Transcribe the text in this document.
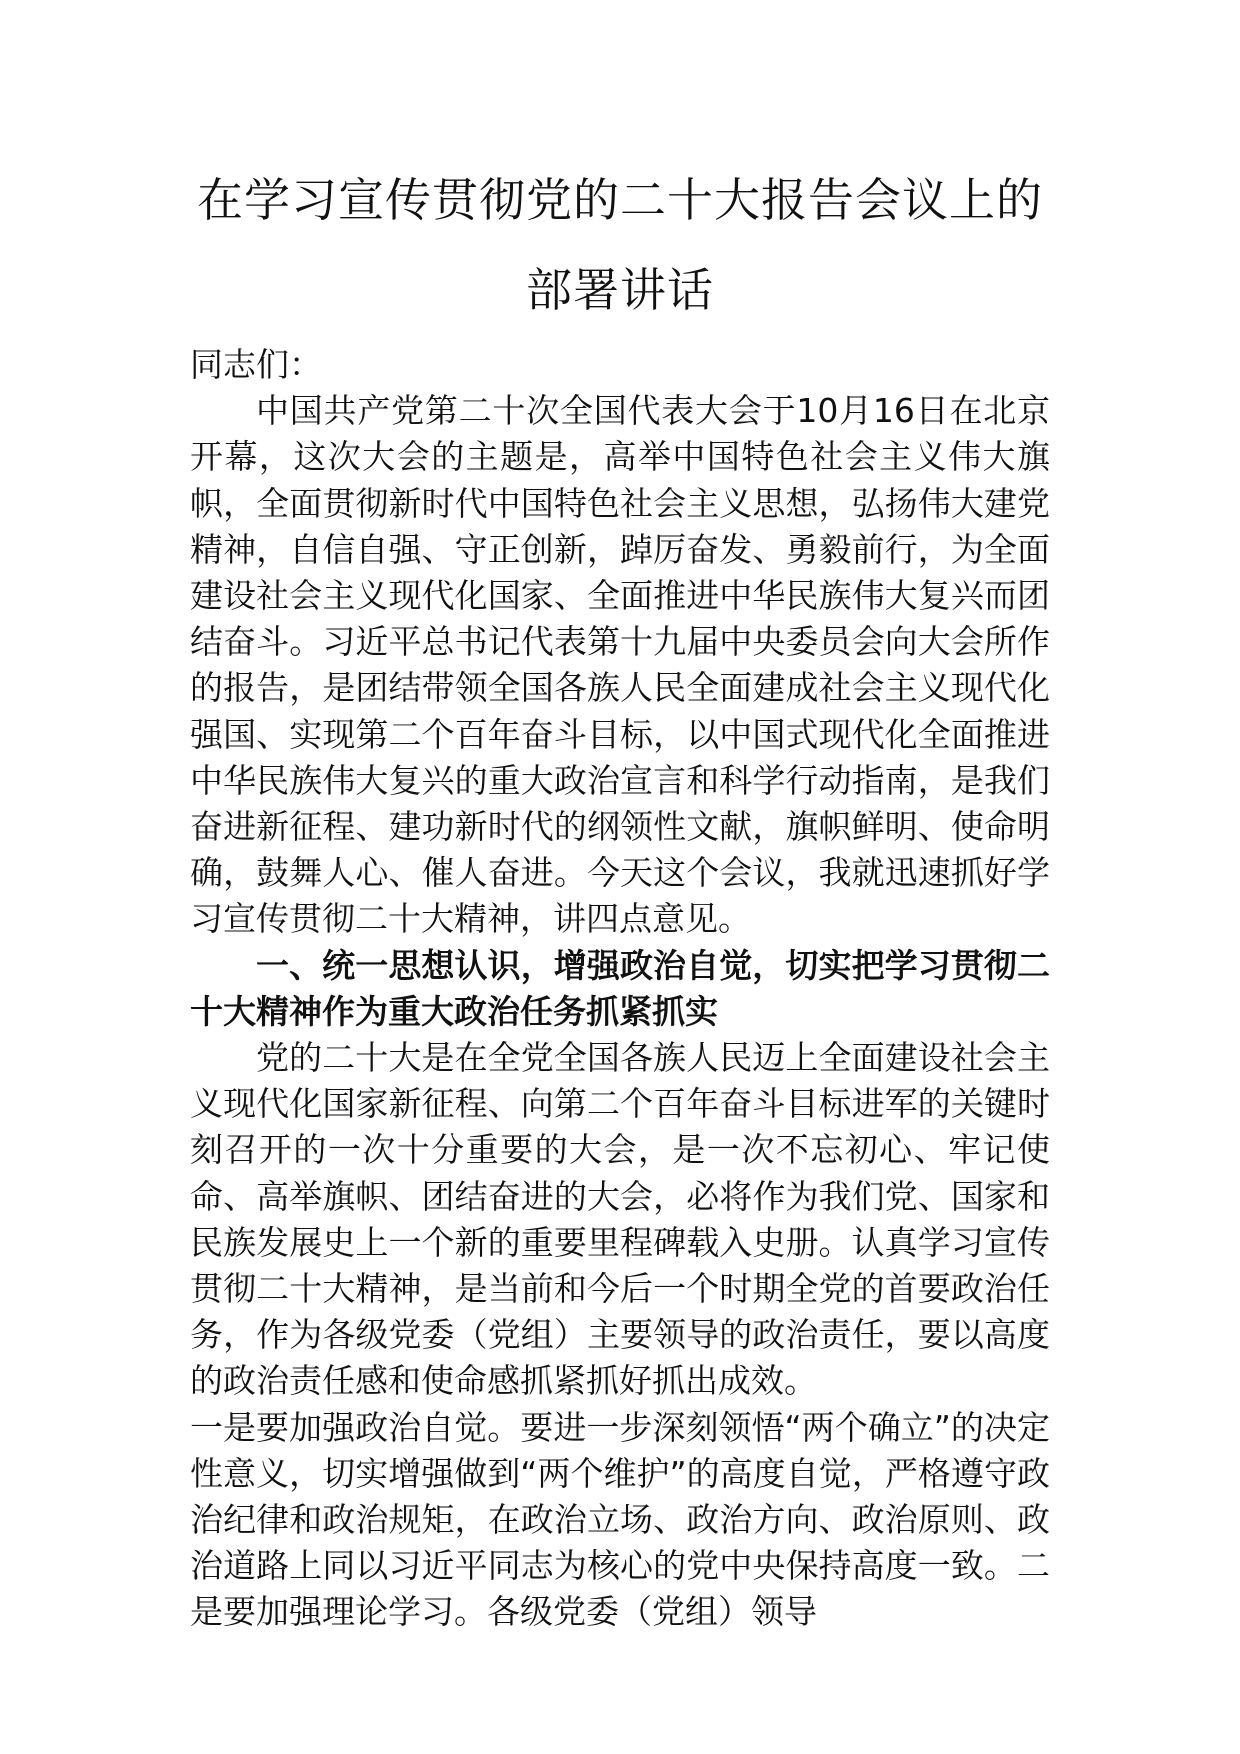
在学习宣传贯彻党的二十大报告会议上的
部署讲话

同志们：

中国共产党第二十次全国代表大会于10月16日在北京开幕，这次大会的主题是，高举中国特色社会主义伟大旗帜，全面贯彻新时代中国特色社会主义思想，弘扬伟大建党精神，自信自强、守正创新，踔厉奋发、勇毅前行，为全面建设社会主义现代化国家、全面推进中华民族伟大复兴而团结奋斗。习近平总书记代表第十九届中央委员会向大会所作的报告，是团结带领全国各族人民全面建成社会主义现代化强国、实现第二个百年奋斗目标，以中国式现代化全面推进中华民族伟大复兴的重大政治宣言和科学行动指南，是我们奋进新征程、建功新时代的纲领性文献，旗帜鲜明、使命明确，鼓舞人心、催人奋进。今天这个会议，我就迅速抓好学习宣传贯彻二十大精神，讲四点意见。

一、统一思想认识，增强政治自觉，切实把学习贯彻二十大精神作为重大政治任务抓紧抓实

党的二十大是在全党全国各族人民迈上全面建设社会主义现代化国家新征程、向第二个百年奋斗目标进军的关键时刻召开的一次十分重要的大会，是一次不忘初心、牢记使命、高举旗帜、团结奋进的大会，必将作为我们党、国家和民族发展史上一个新的重要里程碑载入史册。认真学习宣传贯彻二十大精神，是当前和今后一个时期全党的首要政治任务，作为各级党委（党组）主要领导的政治责任，要以高度的政治责任感和使命感抓紧抓好抓出成效。

一是要加强政治自觉。要进一步深刻领悟“两个确立”的决定性意义，切实增强做到“两个维护”的高度自觉，严格遵守政治纪律和政治规矩，在政治立场、政治方向、政治原则、政治道路上同以习近平同志为核心的党中央保持高度一致。二是要加强理论学习。各级党委（党组）领导
